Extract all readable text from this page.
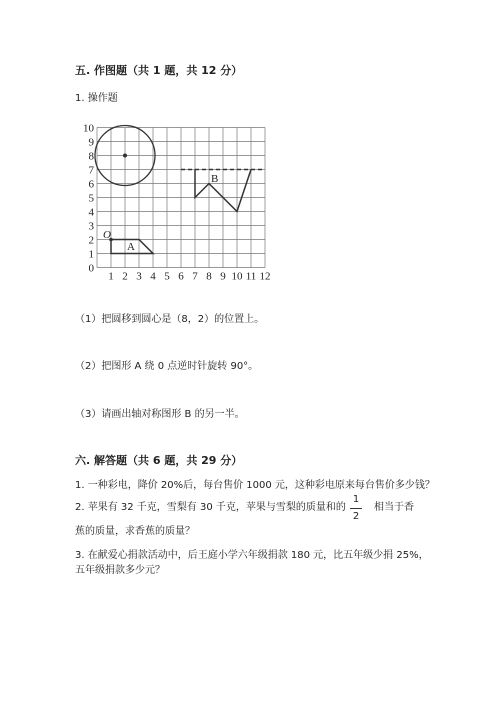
五. 作图题（共 1 题，共 12 分）
1. 操作题
B
A
O
1 2 3 4 5 6 7 8 9 10 11 12
0
1
2
3
4
5
6
7
8
9
10
（1）把圆移到圆心是（8，2）的位置上。
（2）把图形 A 绕 0 点逆时针旋转 90°。
（3）请画出轴对称图形 B 的另一半。
六. 解答题（共 6 题，共 29 分）
1. 一种彩电，降价 20%后，每台售价 1000 元，这种彩电原来每台售价多少钱？
2. 苹果有 32 千克，雪梨有 30 千克，苹果与雪梨的质量和的
1
2
相当于香
蕉的质量，求香蕉的质量？
3. 在献爱心捐款活动中，后王庭小学六年级捐款 180 元，比五年级少捐 25%，
五年级捐款多少元？
